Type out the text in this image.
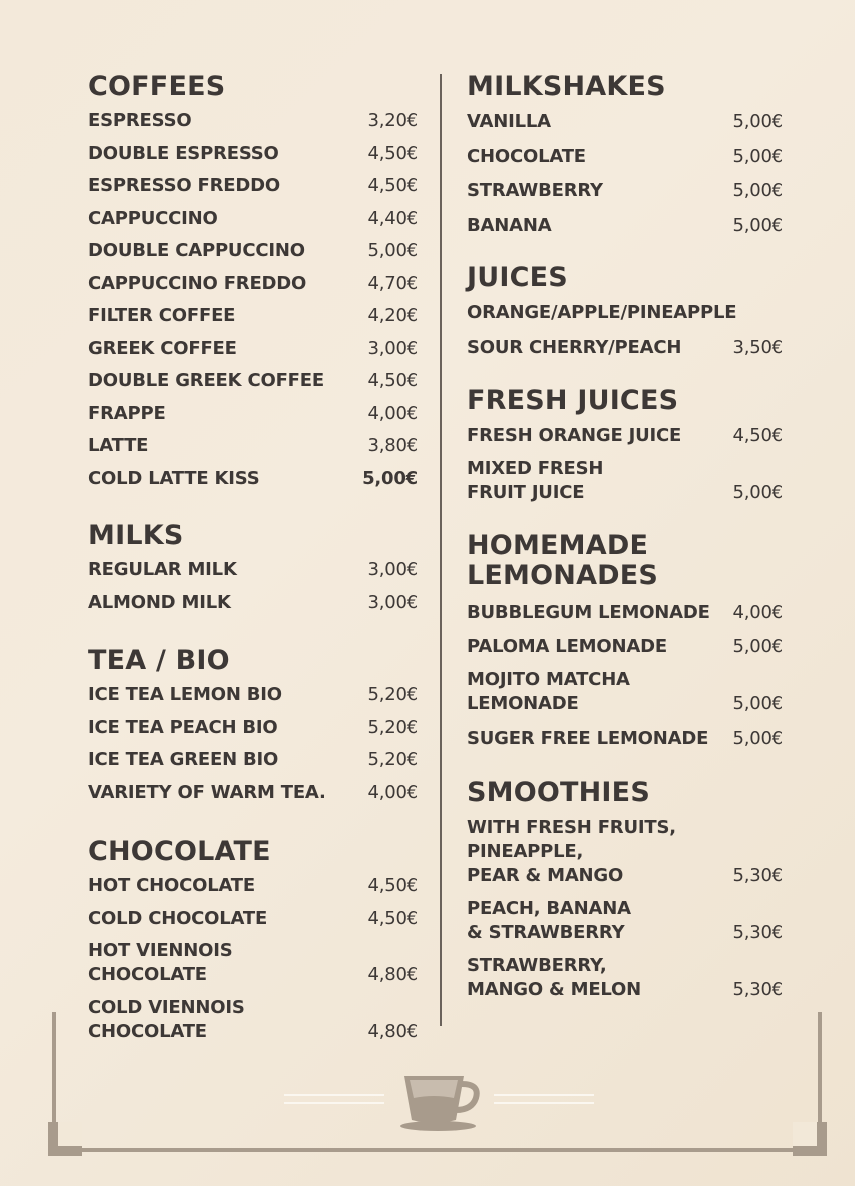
COFFEES
ESPRESSO	3,20€
DOUBLE ESPRESSO	4,50€
ESPRESSO FREDDO	4,50€
CAPPUCCINO	4,40€
DOUBLE CAPPUCCINO	5,00€
CAPPUCCINO FREDDO	4,70€
FILTER COFFEE	4,20€
GREEK COFFEE	3,00€
DOUBLE GREEK COFFEE 4,50€
FRAPPE	4,00€
LATTE	3,80€
COLD LATTE KISS	5,00€
MILKS
REGULAR MILK	3,00€
ALMOND MILK	3,00€
TEA / BIO
ICE TEA LEMON BIO	5,20€
ICE TEA PEACH BIO	5,20€
ICE TEA GREEN BIO	5,20€
VARIETY OF WARM TEA. 4,00€
CHOCOLATE
HOT CHOCOLATE	4,50€
COLD CHOCOLATE	4,50€
HOT VIENNOIS
CHOCOLATE	4,80€
COLD VIENNOIS
CHOCOLATE	4,80€
MILKSHAKES
VANILLA	5,00€
CHOCOLATE	5,00€
STRAWBERRY	5,00€
BANANA	5,00€
JUICES
ORANGE/APPLE/PINEAPPLE
SOUR CHERRY/PEACH	3,50€
FRESH JUICES
FRESH ORANGE JUICE	4,50€
MIXED FRESH
FRUIT JUICE	5,00€
HOMEMADE
LEMONADES
BUBBLEGUM LEMONADE 4,00€
PALOMA LEMONADE	5,00€
MOJITO MATCHA
LEMONADE	5,00€
SUGER FREE LEMONADE 5,00€
SMOOTHIES
WITH FRESH FRUITS,
PINEAPPLE,
PEAR & MANGO	5,30€
PEACH, BANANA
& STRAWBERRY	5,30€
STRAWBERRY,
MANGO & MELON	5,30€
